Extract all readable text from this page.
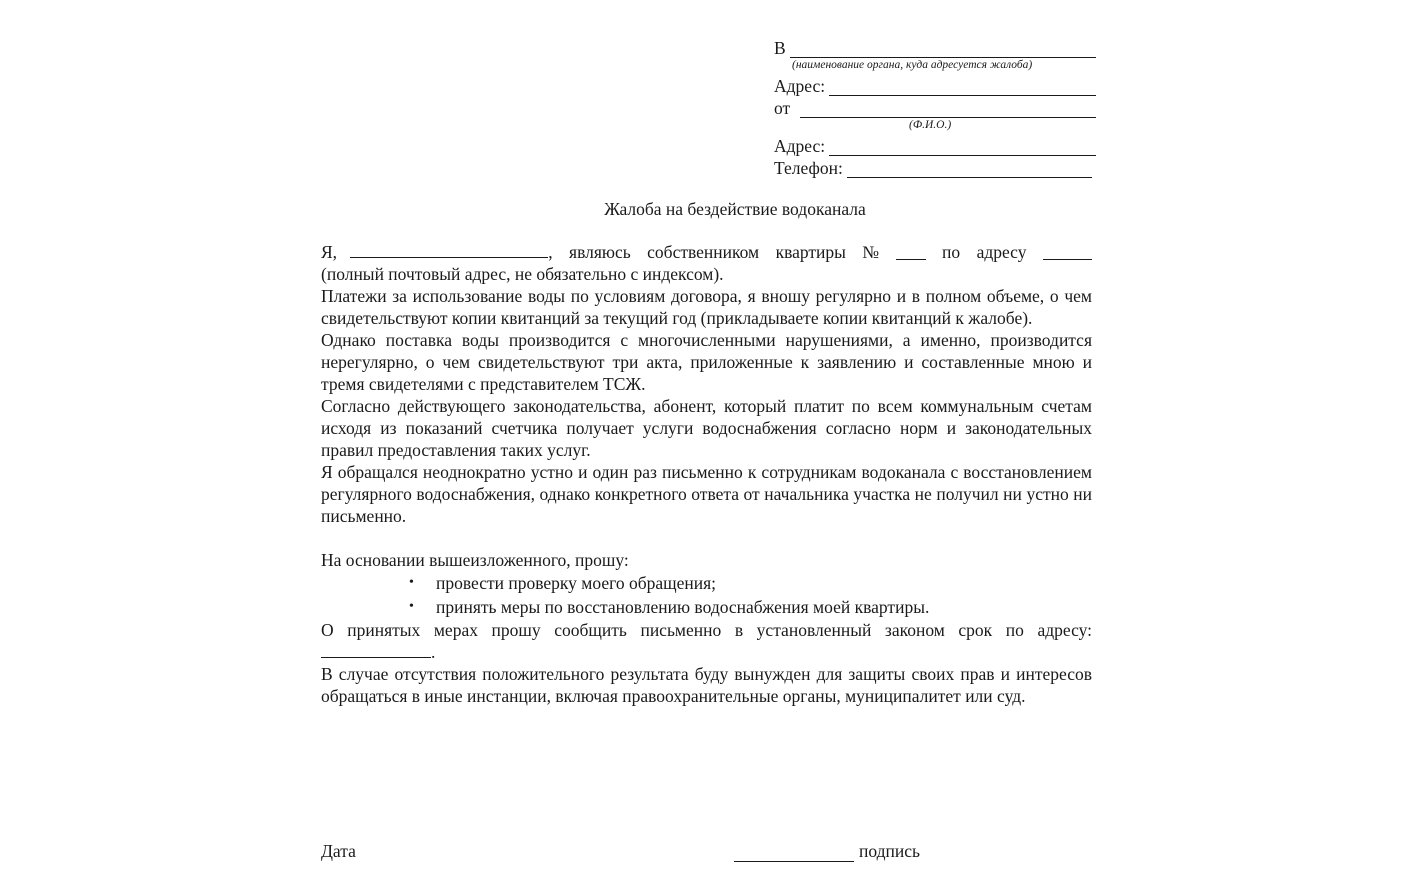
В
(наименование органа, куда адресуется жалоба)
Адрес:
от
(Ф.И.О.)
Адрес:
Телефон:
Жалоба на бездействие водоканала
Я,	, являюсь собственником квартиры №	по адресу

(полный почтовый адрес, не обязательно с индексом).

Платежи за использование воды по условиям договора, я вношу регулярно и в полном объеме, о чем свидетельствуют копии квитанций за текущий год (прикладываете копии квитанций к жалобе).

Однако поставка воды производится с многочисленными нарушениями, а именно, производится нерегулярно, о чем свидетельствуют три акта, приложенные к заявлению и составленные мною и тремя свидетелями с представителем ТСЖ.

Согласно действующего законодательства, абонент, который платит по всем коммунальным счетам исходя из показаний счетчика получает услуги водоснабжения согласно норм и законодательных правил предоставления таких услуг.

Я обращался неоднократно устно и один раз письменно к сотрудникам водоканала с восстановлением регулярного водоснабжения, однако конкретного ответа от начальника участка не получил ни устно ни письменно.

На основании вышеизложенного, прошу:

• провести проверку моего обращения;
• принять меры по восстановлению водоснабжения моей квартиры.

О принятых мерах прошу сообщить письменно в установленный законом срок по адресу:

.

В случае отсутствия положительного результата буду вынужден для защиты своих прав и интересов обращаться в иные инстанции, включая правоохранительные органы, муниципалитет или суд.

Дата	подпись
